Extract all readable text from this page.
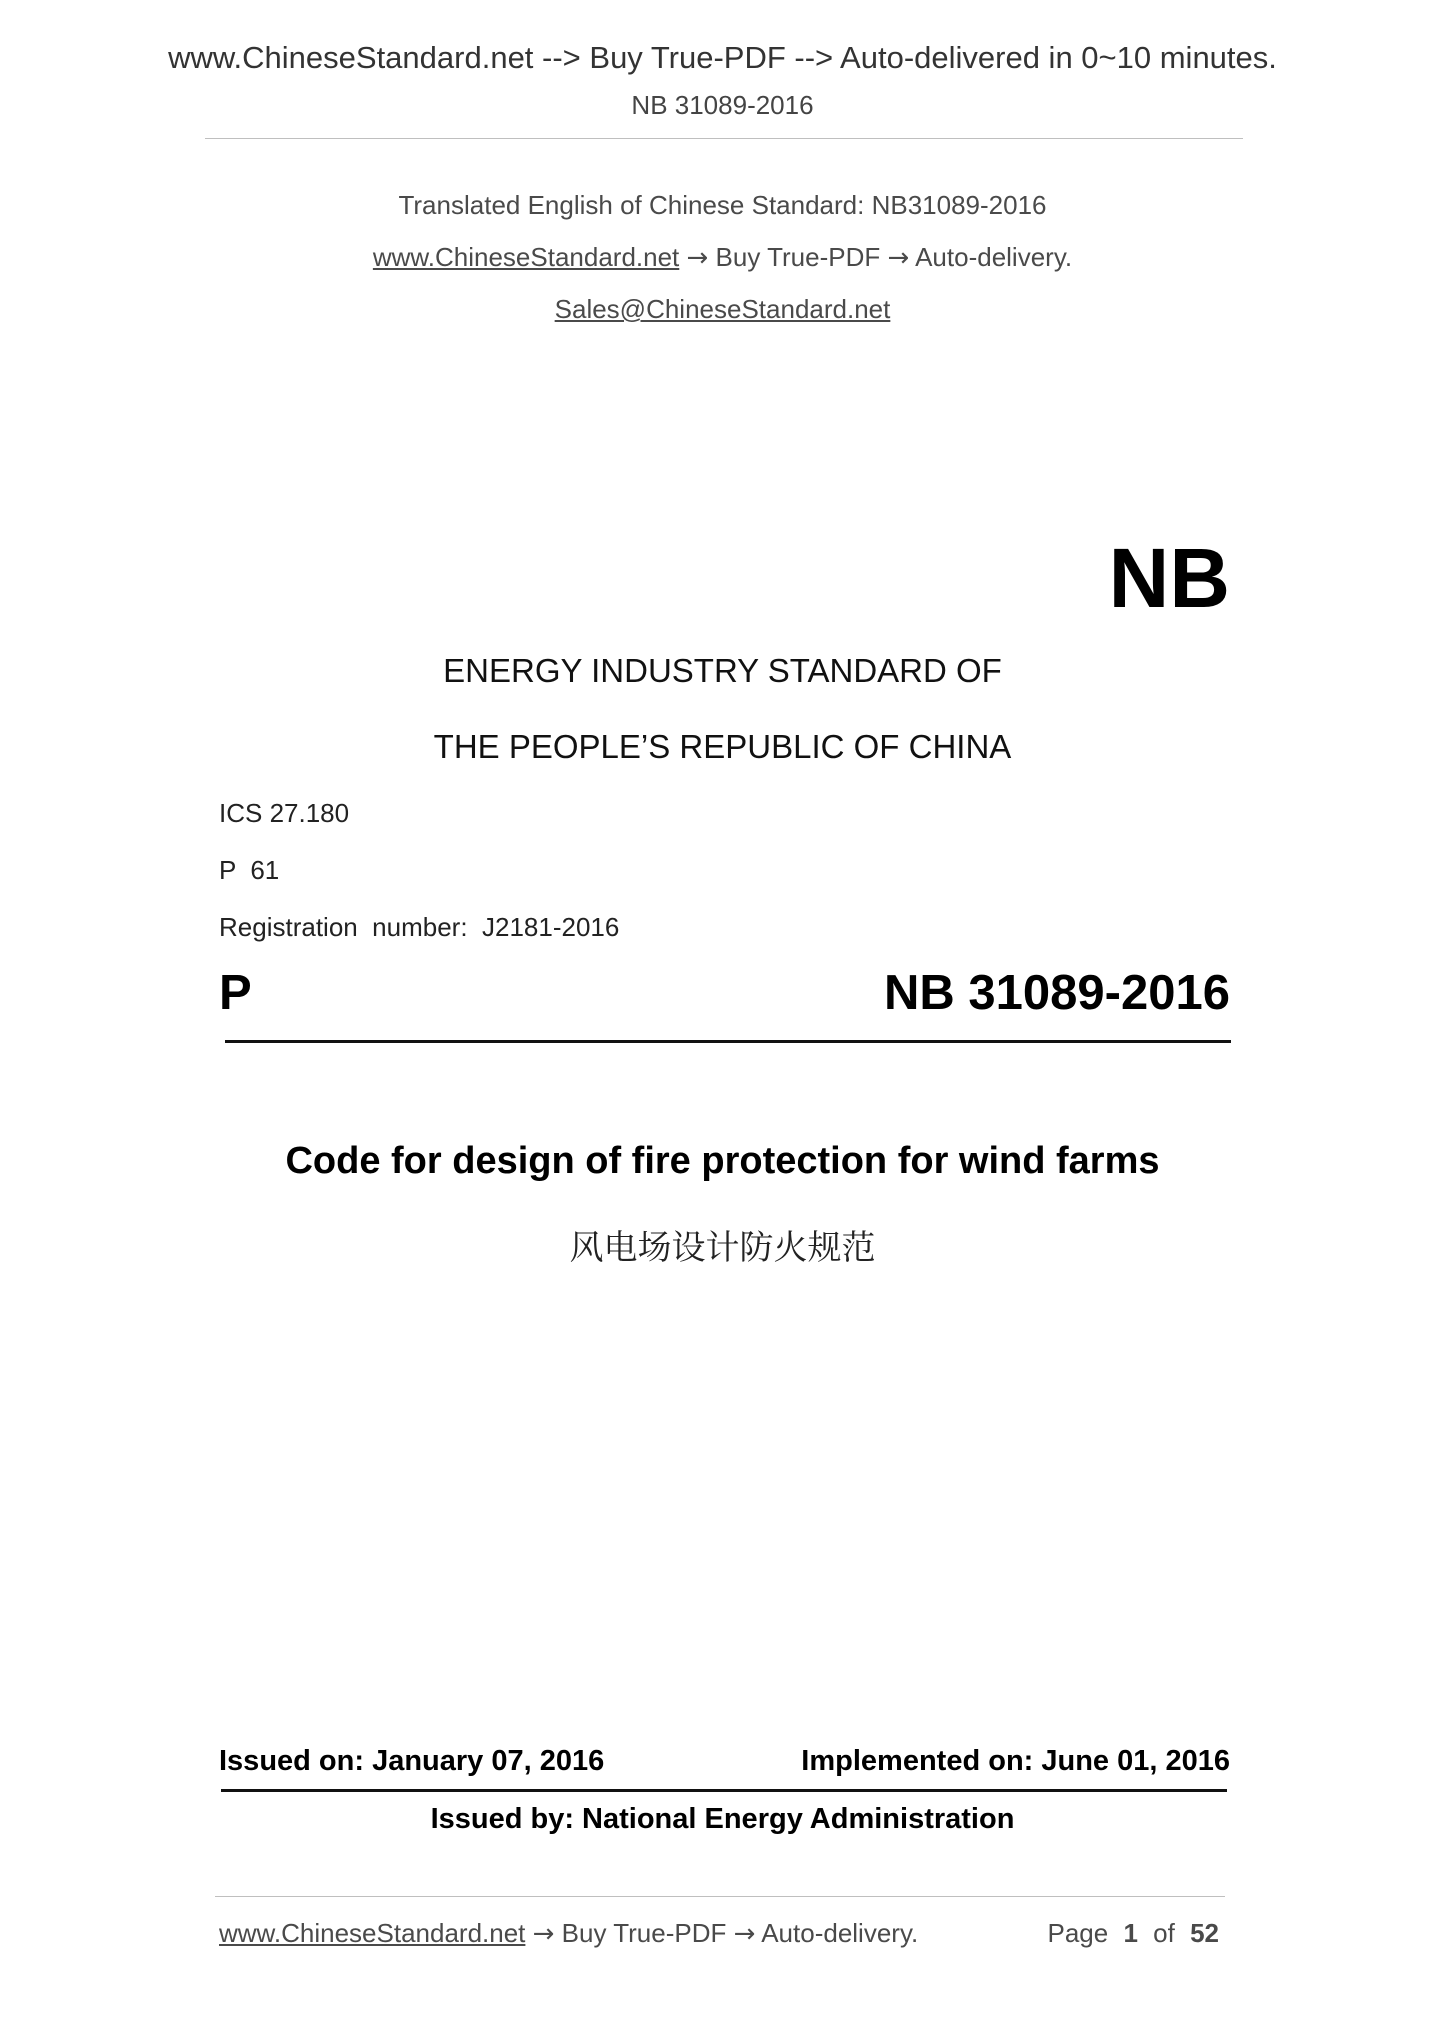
www.ChineseStandard.net --> Buy True-PDF --> Auto-delivered in 0~10 minutes.
NB 31089-2016
Translated English of Chinese Standard: NB31089-2016
www.ChineseStandard.net → Buy True-PDF → Auto-delivery.
Sales@ChineseStandard.net
NB
ENERGY INDUSTRY STANDARD OF
THE PEOPLE’S REPUBLIC OF CHINA
ICS 27.180
P  61
Registration  number:  J2181-2016
P	NB 31089-2016
Code for design of fire protection for wind farms
风电场设计防火规范
Issued on: January 07, 2016	Implemented on: June 01, 2016
Issued by: National Energy Administration
www.ChineseStandard.net → Buy True-PDF → Auto-delivery.	Page 1 of 52
